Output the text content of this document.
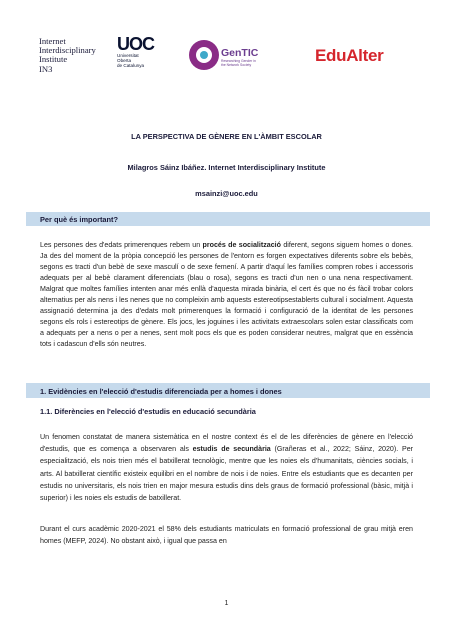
Internet
Interdisciplinary
Institute
IN3
UOC
Universitat
Oberta
de Catalunya
GenTIC
Researching Gender in the Network Society	EduAlter
LA PERSPECTIVA DE GÈNERE EN L'ÀMBIT ESCOLAR
Milagros Sáinz Ibáñez. Internet Interdisciplinary Institute
msainzi@uoc.edu
Per què és important?
Les persones des d'edats primerenques rebem un procés de socialització diferent, segons siguem homes o dones. Ja des del moment de la pròpia concepció les persones de l'entorn es forgen expectatives diferents sobre els bebès, segons es tracti d'un bebè de sexe masculí o de sexe femení. A partir d'aquí les famílies compren robes i accessoris adequats per al bebè clarament diferenciats (blau o rosa), segons es tracti d'un nen o una nena respectivament. Malgrat que moltes famílies intenten anar més enllà d'aquesta mirada binària, el cert és que no és fàcil trobar colors alternatius per als nens i les nenes que no compleixin amb aquests estereotipsestablerts cultural i socialment. Aquesta assignació determina ja des d'edats molt primerenques la formació i configuració de la identitat de les persones segons els rols i estereotips de gènere. Els jocs, les joguines i les activitats extraescolars solen estar classificats com a adequats per a nens o per a nenes, sent molt pocs els que es poden considerar neutres, malgrat que en essència tots i cadascun d'ells són neutres.
1. Evidències en l'elecció d'estudis diferenciada per a homes i dones
1.1. Diferències en l'elecció d'estudis en educació secundària
Un fenomen constatat de manera sistemàtica en el nostre context és el de les diferències de gènere en l'elecció d'estudis, que es comença a observaren als estudis de secundària (Grañeras et al., 2022; Sáinz, 2020). Per especialització, els nois trien més el batxillerat tecnològic, mentre que les noies els d'humanitats, ciències socials, i arts. Al batxillerat científic existeix equilibri en el nombre de nois i de noies. Entre els estudiants que es decanten per estudis no universitaris, els nois trien en major mesura estudis dins dels graus de formació professional (bàsic, mitjà i superior) i les noies els estudis de batxillerat.
Durant el curs acadèmic 2020-2021 el 58% dels estudiants matriculats en formació professional de grau mitjà eren homes (MEFP, 2024). No obstant això, i igual que passa en
1
